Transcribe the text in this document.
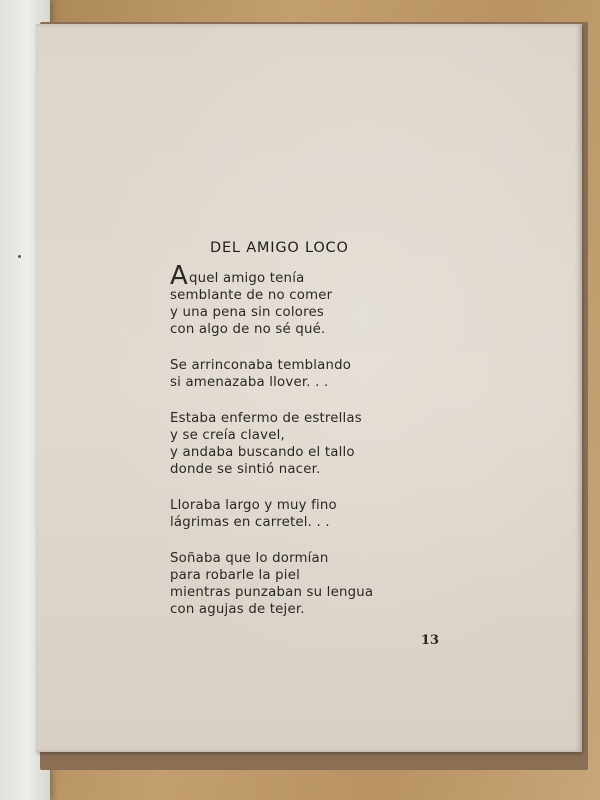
DEL AMIGO LOCO
Aquel amigo tenía
semblante de no comer
y una pena sin colores
con algo de no sé qué.
Se arrinconaba temblando
si amenazaba llover. . .
Estaba enfermo de estrellas
y se creía clavel,
y andaba buscando el tallo
donde se sintió nacer.
Lloraba largo y muy fino
lágrimas en carretel. . .
Soñaba que lo dormían
para robarle la piel
mientras punzaban su lengua
con agujas de tejer.
13
